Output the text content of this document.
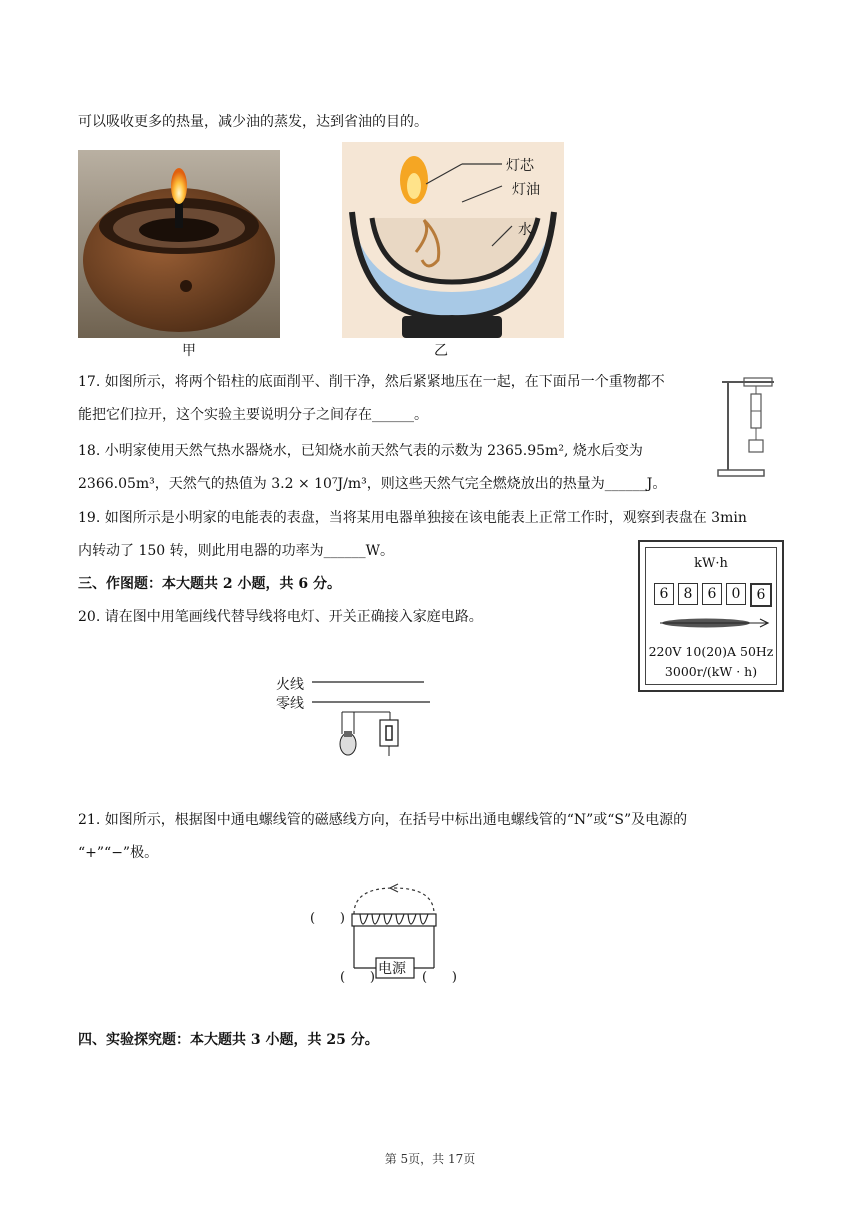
可以吸收更多的热量，减少油的蒸发，达到省油的目的。
灯芯
灯油
水
甲	乙
17. 如图所示，将两个铅柱的底面削平、削干净，然后紧紧地压在一起，在下面吊一个重物都不
能把它们拉开，这个实验主要说明分子之间存在______。
18. 小明家使用天然气热水器烧水，已知烧水前天然气表的示数为 2365.95m², 烧水后变为
2366.05m³，天然气的热值为 3.2 × 10⁷J/m³，则这些天然气完全燃烧放出的热量为______J。
19. 如图所示是小明家的电能表的表盘，当将某用电器单独接在该电能表上正常工作时，观察到表盘在 3min
内转动了 150 转，则此用电器的功率为______W。
kW·h
6	8	6	0	6
220V 10(20)A 50Hz
3000r/(kW · h)
三、作图题：本大题共 2 小题，共 6 分。
20. 请在图中用笔画线代替导线将电灯、开关正确接入家庭电路。
火线
零线
21. 如图所示，根据图中通电螺线管的磁感线方向，在括号中标出通电螺线管的“N”或“S”及电源的
“+”“−”极。
电源
(      )
(      )	(      )
四、实验探究题：本大题共 3 小题，共 25 分。
第 5页，共 17页
